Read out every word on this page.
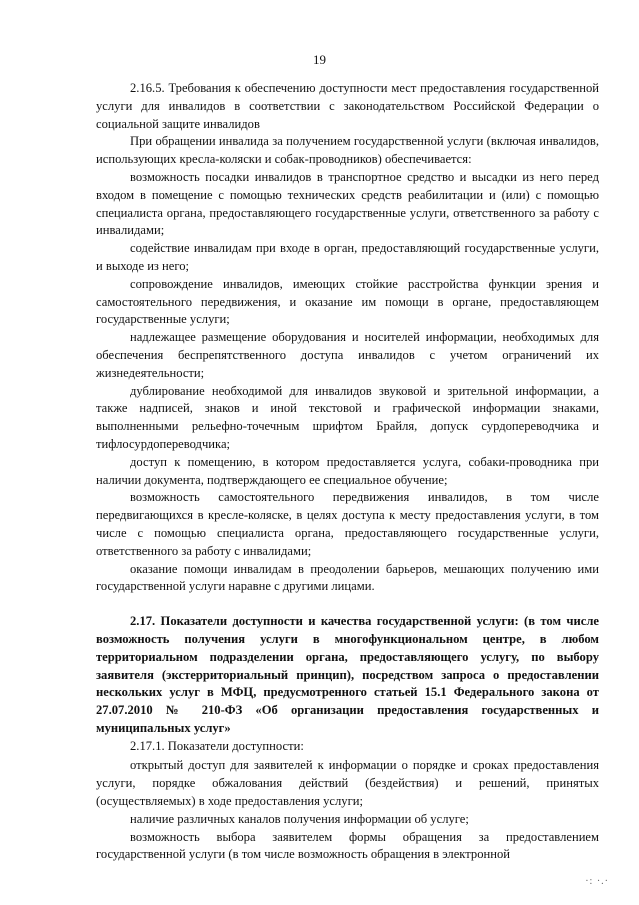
19

2.16.5. Требования к обеспечению доступности мест предоставления государственной услуги для инвалидов в соответствии с законодательством Российской Федерации о социальной защите инвалидов

При обращении инвалида за получением государственной услуги (включая инвалидов, использующих кресла-коляски и собак-проводников) обеспечивается:

возможность посадки инвалидов в транспортное средство и высадки из него перед входом в помещение с помощью технических средств реабилитации и (или) с помощью специалиста органа, предоставляющего государственные услуги, ответственного за работу с инвалидами;

содействие инвалидам при входе в орган, предоставляющий государственные услуги, и выходе из него;

сопровождение инвалидов, имеющих стойкие расстройства функции зрения и самостоятельного передвижения, и оказание им помощи в органе, предоставляющем государственные услуги;

надлежащее размещение оборудования и носителей информации, необходимых для обеспечения беспрепятственного доступа инвалидов с учетом ограничений их жизнедеятельности;

дублирование необходимой для инвалидов звуковой и зрительной информации, а также надписей, знаков и иной текстовой и графической информации знаками, выполненными рельефно-точечным шрифтом Брайля, допуск сурдопереводчика и тифлосурдопереводчика;

доступ к помещению, в котором предоставляется услуга, собаки-проводника при наличии документа, подтверждающего ее специальное обучение;

возможность самостоятельного передвижения инвалидов, в том числе передвигающихся в кресле-коляске, в целях доступа к месту предоставления услуги, в том числе с помощью специалиста органа, предоставляющего государственные услуги, ответственного за работу с инвалидами;

оказание помощи инвалидам в преодолении барьеров, мешающих получению ими государственной услуги наравне с другими лицами.

2.17. Показатели доступности и качества государственной услуги: (в том числе возможность получения услуги в многофункциональном центре, в любом территориальном подразделении органа, предоставляющего услугу, по выбору заявителя (экстерриториальный принцип), посредством запроса о предоставлении нескольких услуг в МФЦ, предусмотренного статьей 15.1 Федерального закона от 27.07.2010 № 210-ФЗ «Об организации предоставления государственных и муниципальных услуг»

2.17.1. Показатели доступности:

открытый доступ для заявителей к информации о порядке и сроках предоставления услуги, порядке обжалования действий (бездействия) и решений, принятых (осуществляемых) в ходе предоставления услуги;

наличие различных каналов получения информации об услуге;

возможность выбора заявителем формы обращения за предоставлением государственной услуги (в том числе возможность обращения в электронной

·: ·.·
